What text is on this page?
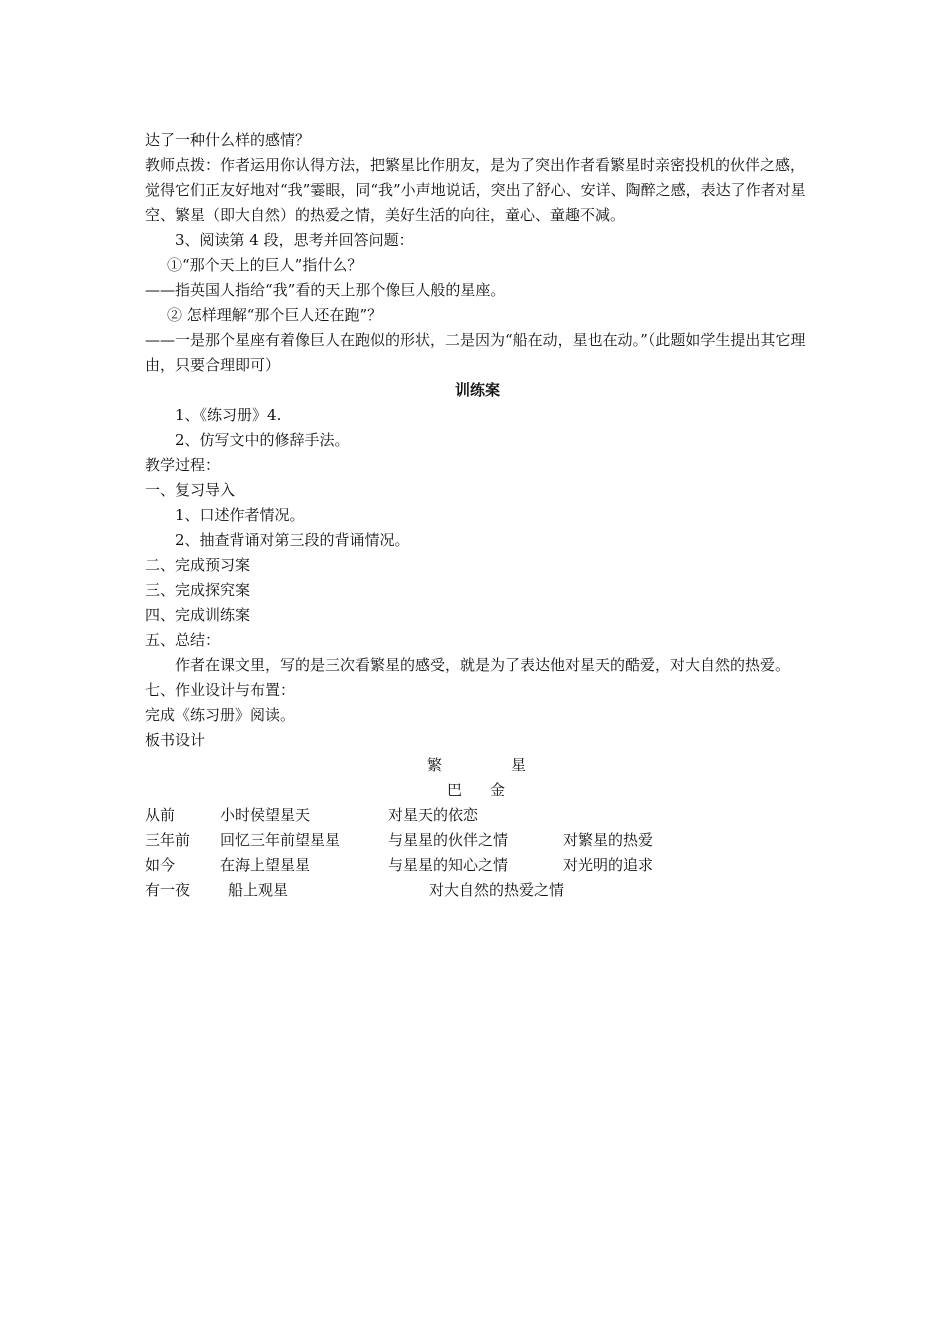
达了一种什么样的感情？
教师点拨：作者运用你认得方法，把繁星比作朋友，是为了突出作者看繁星时亲密投机的伙伴之感，觉得它们正友好地对“我”霎眼，同“我”小声地说话，突出了舒心、安详、陶醉之感，表达了作者对星空、繁星（即大自然）的热爱之情，美好生活的向往，童心、童趣不减。
3、阅读第 4 段，思考并回答问题：
①“那个天上的巨人”指什么？
——指英国人指给“我”看的天上那个像巨人般的星座。
② 怎样理解“那个巨人还在跑”？
——一是那个星座有着像巨人在跑似的形状，二是因为“船在动，星也在动。”（此题如学生提出其它理由，只要合理即可）
训练案
1、《练习册》4.
2、仿写文中的修辞手法。
教学过程：
一、复习导入
1、口述作者情况。
2、抽查背诵对第三段的背诵情况。
二、完成预习案
三、完成探究案
四、完成训练案
五、总结：
作者在课文里，写的是三次看繁星的感受，就是为了表达他对星天的酷爱，对大自然的热爱。
七、作业设计与布置：
完成《练习册》阅读。
板书设计
繁	星
巴 金
从前	小时侯望星天	对星天的依恋
三年前 回忆三年前望星星	与星星的伙伴之情	对繁星的热爱
如今	在海上望星星	与星星的知心之情	对光明的追求
有一夜	船上观星	对大自然的热爱之情
